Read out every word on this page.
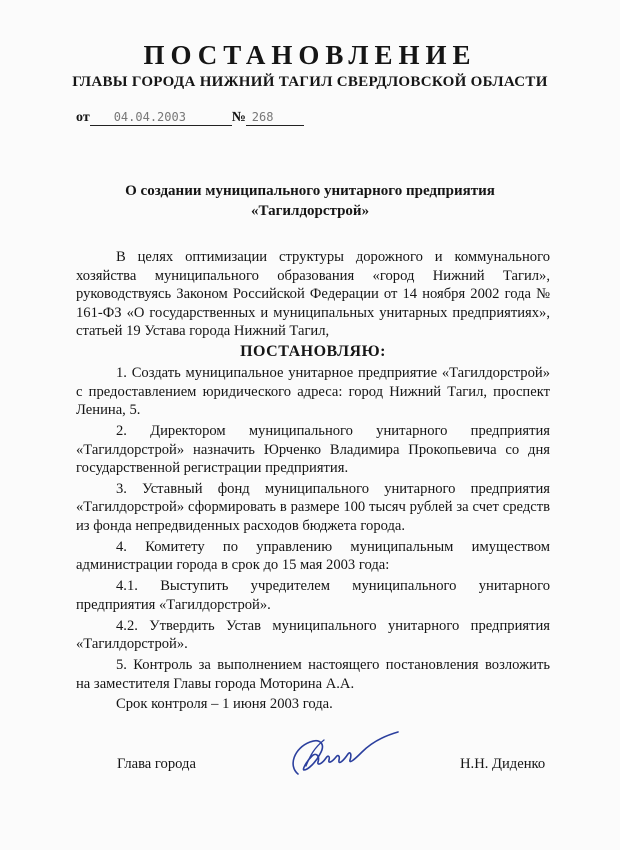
ПОСТАНОВЛЕНИЕ
ГЛАВЫ ГОРОДА НИЖНИЙ ТАГИЛ СВЕРДЛОВСКОЙ ОБЛАСТИ
от 04.04.2003	№ 268
О создании муниципального унитарного предприятия
«Тагилдорстрой»

В целях оптимизации структуры дорожного и коммунального хозяйства муниципального образования «город Нижний Тагил», руководствуясь Законом Российской Федерации от 14 ноября 2002 года № 161-ФЗ «О государственных и муниципальных унитарных предприятиях», статьей 19 Устава города Нижний Тагил,

ПОСТАНОВЛЯЮ:

1. Создать муниципальное унитарное предприятие «Тагилдорстрой» с предоставлением юридического адреса: город Нижний Тагил, проспект Ленина, 5.

2. Директором муниципального унитарного предприятия «Тагилдорстрой» назначить Юрченко Владимира Прокопьевича со дня государственной регистрации предприятия.

3. Уставный фонд муниципального унитарного предприятия «Тагилдорстрой» сформировать в размере 100 тысяч рублей за счет средств из фонда непредвиденных расходов бюджета города.

4. Комитету по управлению муниципальным имуществом администрации города в срок до 15 мая 2003 года:

4.1. Выступить учредителем муниципального унитарного предприятия «Тагилдорстрой».

4.2. Утвердить Устав муниципального унитарного предприятия «Тагилдорстрой».

5. Контроль за выполнением настоящего постановления возложить на заместителя Главы города Моторина А.А.

Срок контроля – 1 июня 2003 года.

Глава города	Н.Н. Диденко
